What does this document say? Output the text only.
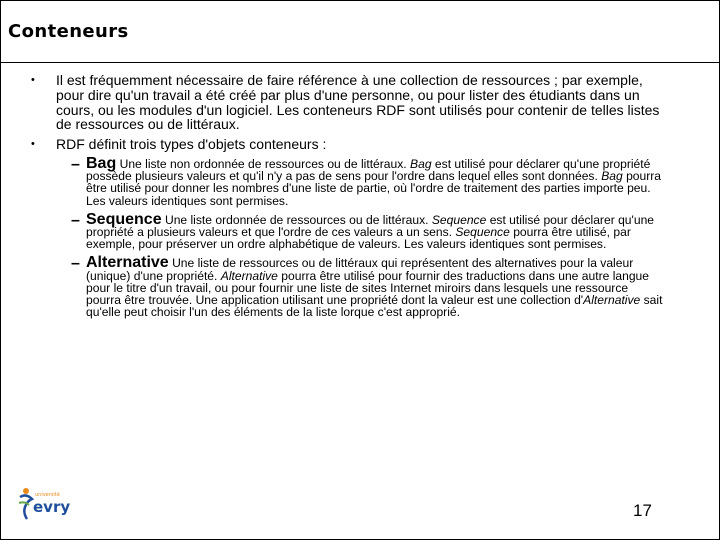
Conteneurs
• Il est fréquemment nécessaire de faire référence à une collection de ressources ; par exemple, pour dire qu'un travail a été créé par plus d'une personne, ou pour lister des étudiants dans un cours, ou les modules d'un logiciel. Les conteneurs RDF sont utilisés pour contenir de telles listes de ressources ou de littéraux.
• RDF définit trois types d'objets conteneurs :
– Bag Une liste non ordonnée de ressources ou de littéraux. Bag est utilisé pour déclarer qu'une propriété possède plusieurs valeurs et qu'il n'y a pas de sens pour l'ordre dans lequel elles sont données. Bag pourra être utilisé pour donner les nombres d'une liste de partie, où l'ordre de traitement des parties importe peu. Les valeurs identiques sont permises.
– Sequence Une liste ordonnée de ressources ou de littéraux. Sequence est utilisé pour déclarer qu'une propriété a plusieurs valeurs et que l'ordre de ces valeurs a un sens. Sequence pourra être utilisé, par exemple, pour préserver un ordre alphabétique de valeurs. Les valeurs identiques sont permises.
– Alternative Une liste de ressources ou de littéraux qui représentent des alternatives pour la valeur (unique) d'une propriété. Alternative pourra être utilisé pour fournir des traductions dans une autre langue pour le titre d'un travail, ou pour fournir une liste de sites Internet miroirs dans lesquels une ressource pourra être trouvée. Une application utilisant une propriété dont la valeur est une collection d'Alternative sait qu'elle peut choisir l'un des éléments de la liste lorque c'est approprié.
université
evry	17
